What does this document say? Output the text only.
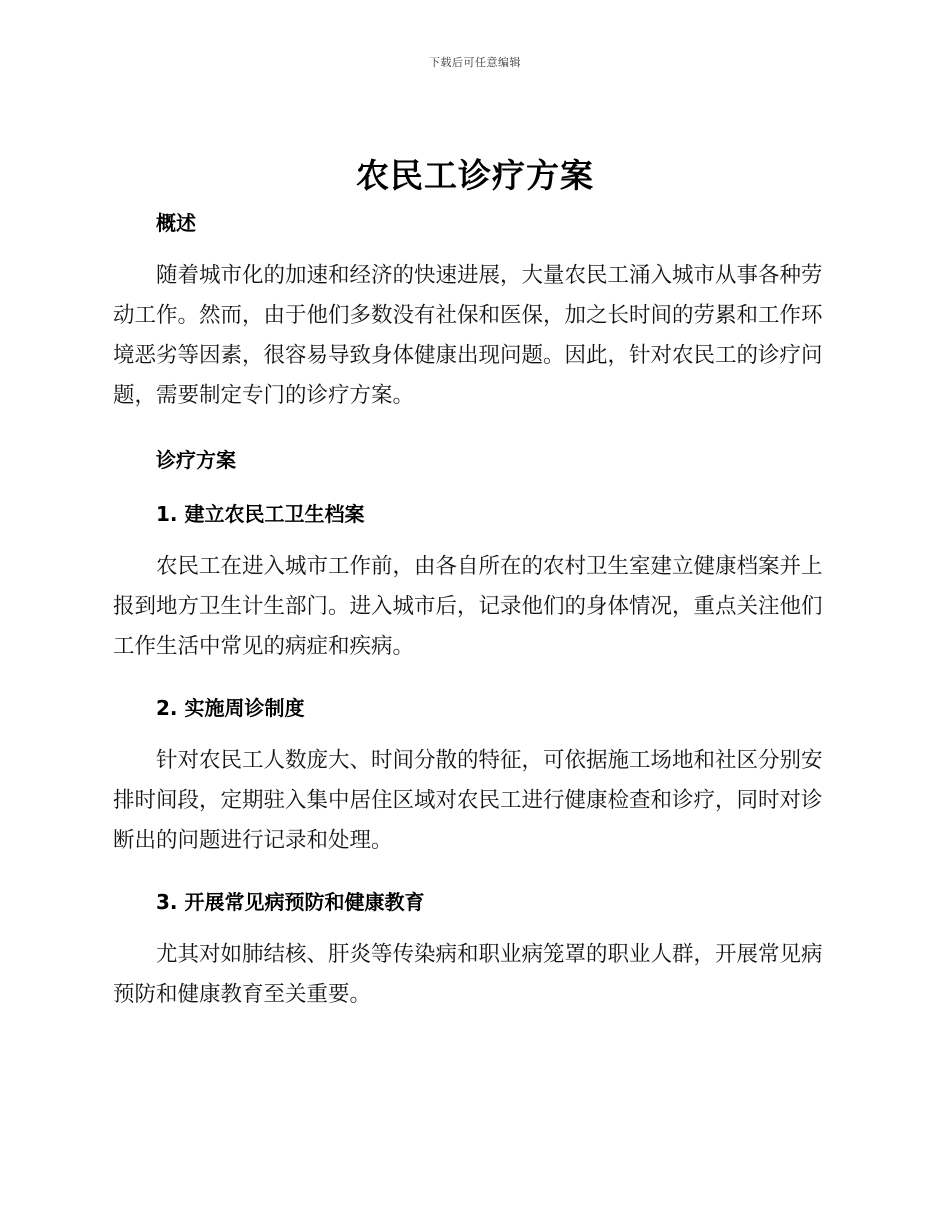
下载后可任意编辑
农民工诊疗方案
概述
随着城市化的加速和经济的快速进展，大量农民工涌入城市从事各种劳
动工作。然而，由于他们多数没有社保和医保，加之长时间的劳累和工作环
境恶劣等因素，很容易导致身体健康出现问题。因此，针对农民工的诊疗问
题，需要制定专门的诊疗方案。
诊疗方案
1. 建立农民工卫生档案
农民工在进入城市工作前，由各自所在的农村卫生室建立健康档案并上
报到地方卫生计生部门。进入城市后，记录他们的身体情况，重点关注他们
工作生活中常见的病症和疾病。
2. 实施周诊制度
针对农民工人数庞大、时间分散的特征，可依据施工场地和社区分别安
排时间段，定期驻入集中居住区域对农民工进行健康检查和诊疗，同时对诊
断出的问题进行记录和处理。
3. 开展常见病预防和健康教育
尤其对如肺结核、肝炎等传染病和职业病笼罩的职业人群，开展常见病
预防和健康教育至关重要。
